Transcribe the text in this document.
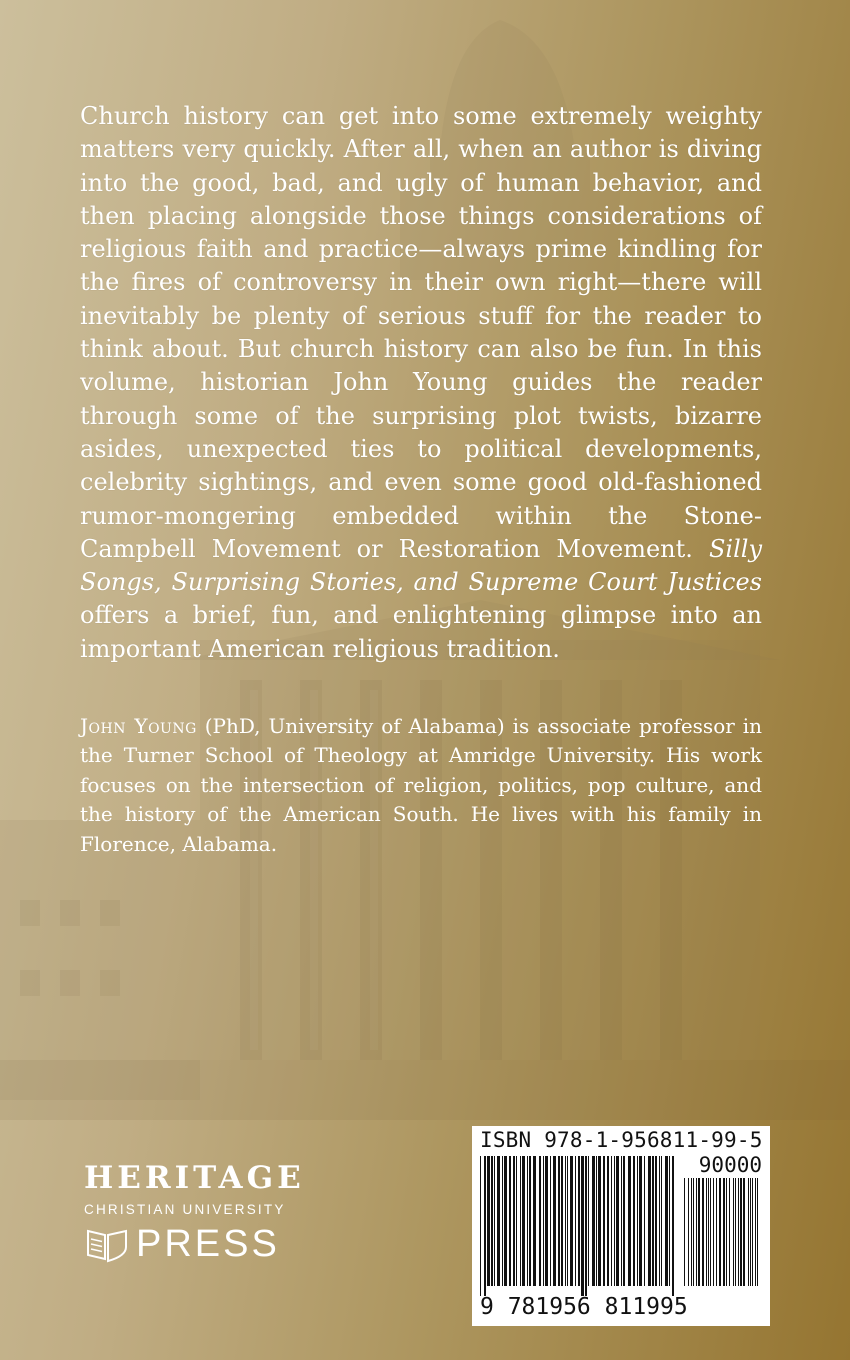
Church history can get into some extremely weighty matters very quickly. After all, when an author is diving into the good, bad, and ugly of human behavior, and then placing alongside those things considerations of religious faith and practice—always prime kindling for the fires of controversy in their own right—there will inevitably be plenty of serious stuff for the reader to think about. But church history can also be fun. In this volume, historian John Young guides the reader through some of the surprising plot twists, bizarre asides, unexpected ties to political developments, celebrity sightings, and even some good old-fashioned rumor-mongering embedded within the Stone-Campbell Movement or Restoration Movement. Silly Songs, Surprising Stories, and Supreme Court Justices offers a brief, fun, and enlightening glimpse into an important American religious tradition.

John Young (PhD, University of Alabama) is associate professor in the Turner School of Theology at Amridge University. His work focuses on the intersection of religion, politics, pop culture, and the history of the American South. He lives with his family in Florence, Alabama.

HERITAGE
CHRISTIAN UNIVERSITY
PRESS
ISBN 978-1-956811-99-5
90000
9 781956 811995
